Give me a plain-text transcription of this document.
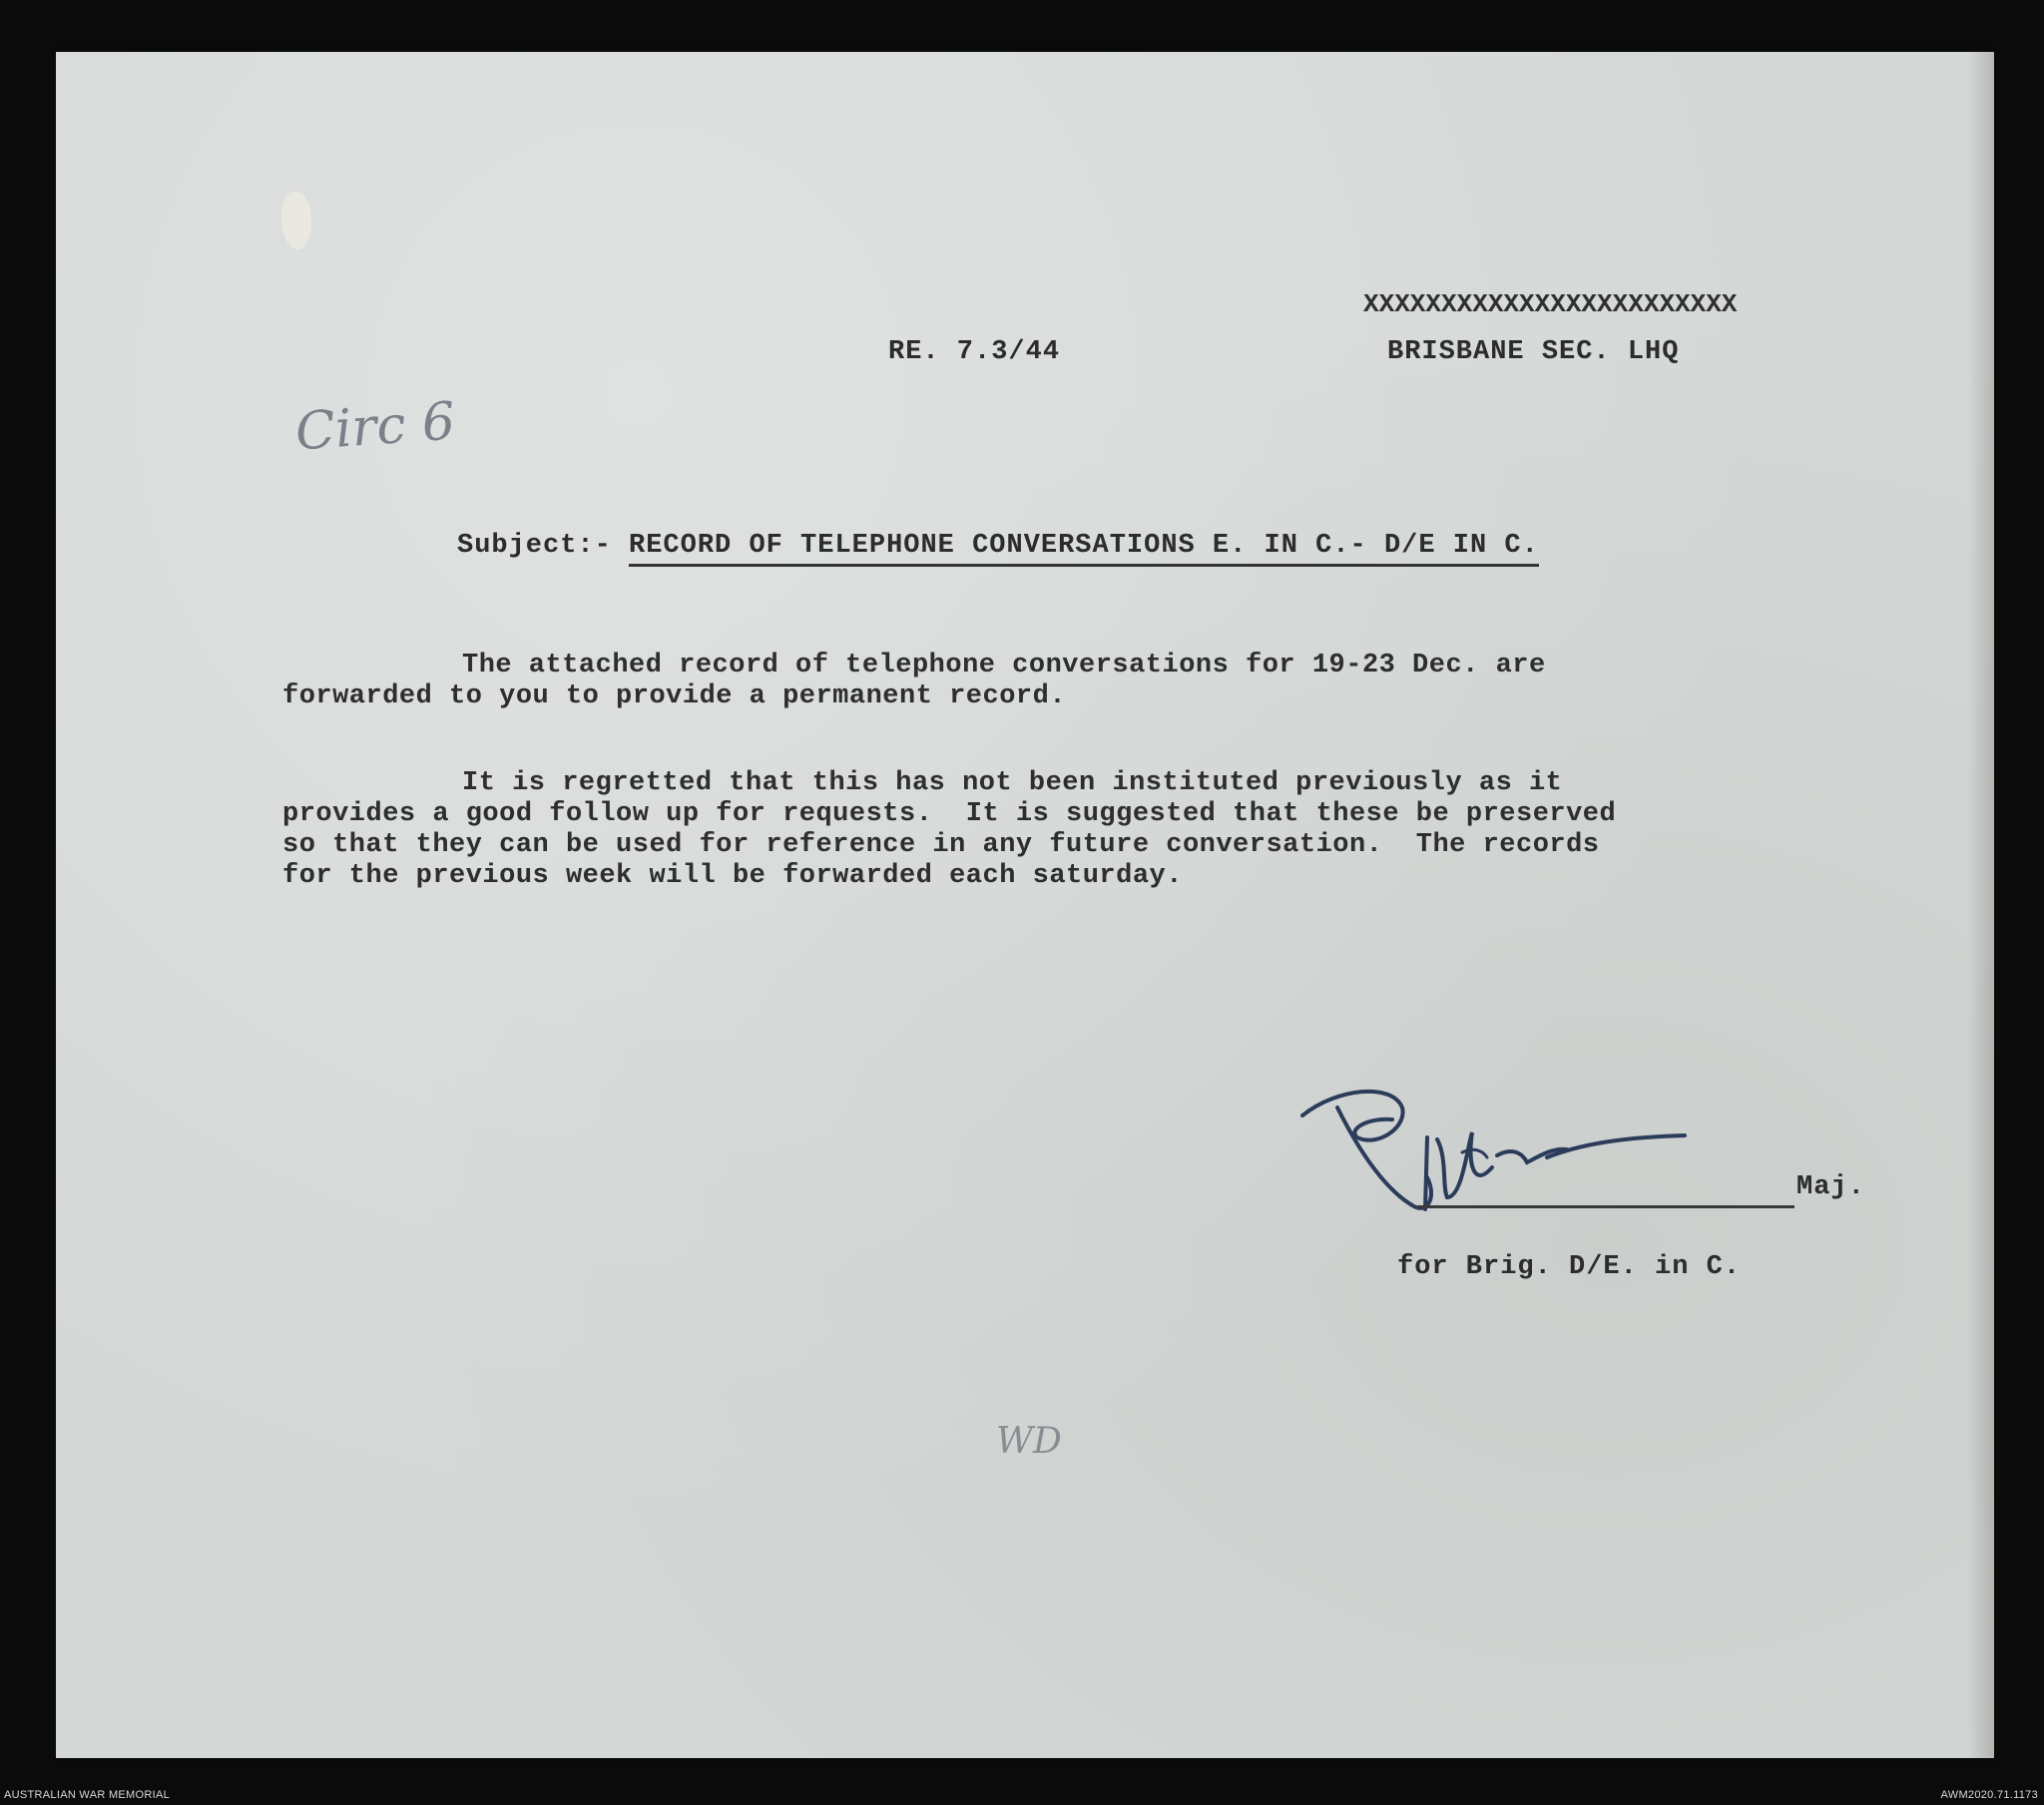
XXXXXXXXXXXXXXXXXXXXXXXX
RE. 7.3/44	BRISBANE SEC. LHQ
Circ 6
Subject:- RECORD OF TELEPHONE CONVERSATIONS E. IN C.- D/E IN C.
The attached record of telephone conversations for 19-23 Dec. are
forwarded to you to provide a permanent record.
It is regretted that this has not been instituted previously as it
provides a good follow up for requests.  It is suggested that these be preserved
so that they can be used for reference in any future conversation.  The records
for the previous week will be forwarded each saturday.
Maj.
for Brig. D/E. in C.
WD
AUSTRALIAN WAR MEMORIAL	AWM2020.71.1173
